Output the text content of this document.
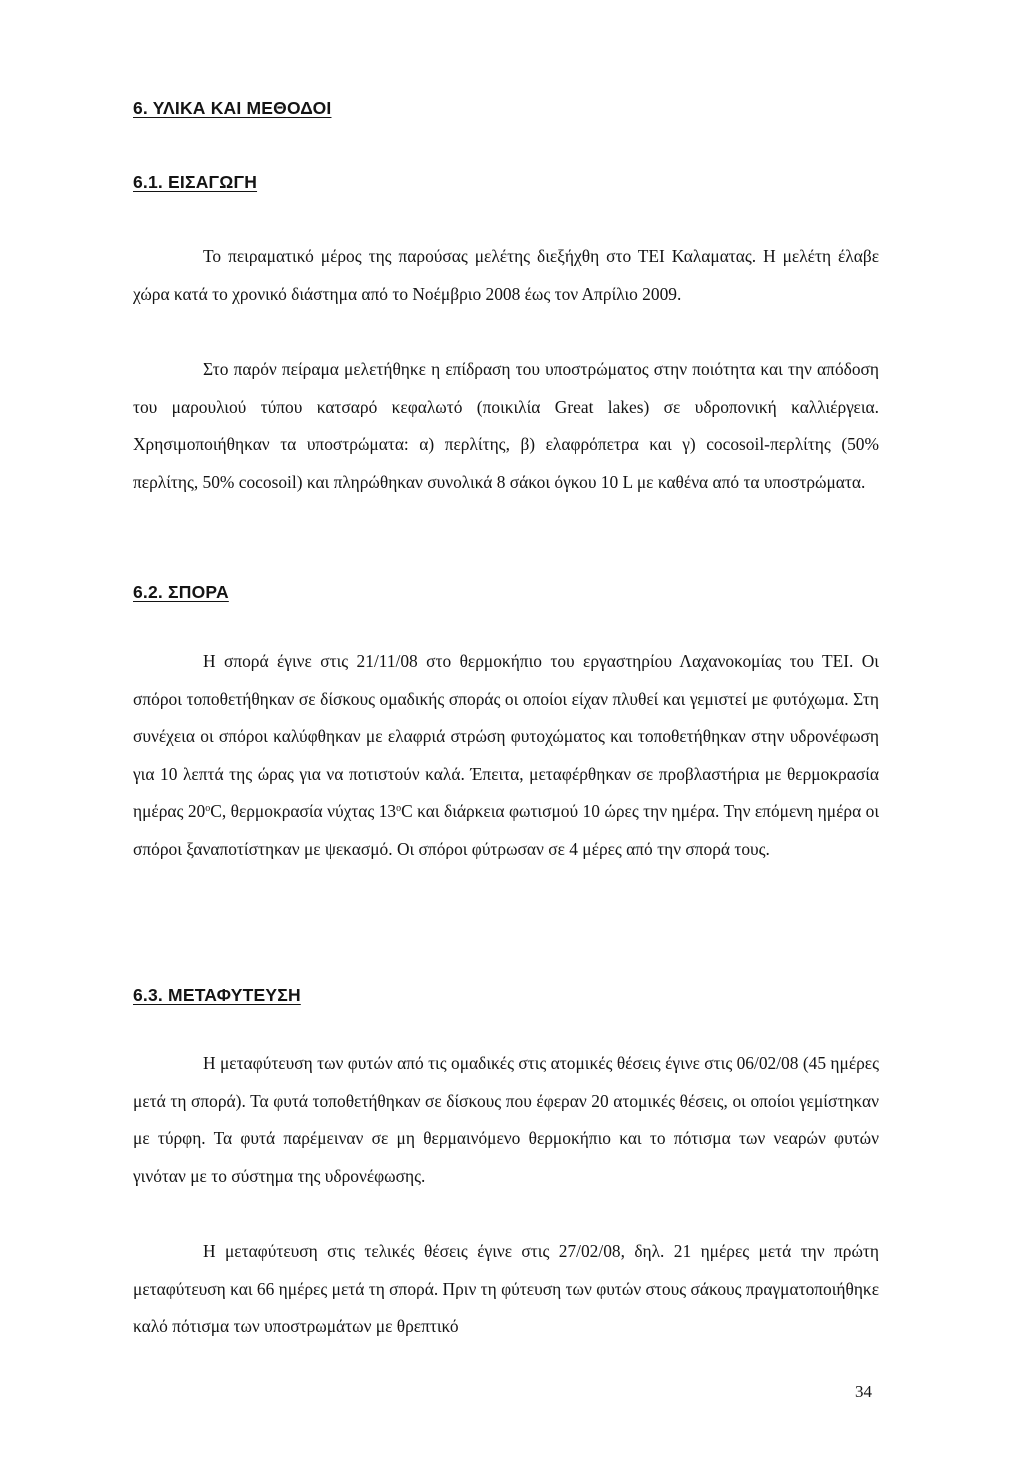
6. ΥΛΙΚΑ ΚΑΙ ΜΕΘΟΔΟΙ
6.1. ΕΙΣΑΓΩΓΗ

Το πειραματικό μέρος της παρούσας μελέτης διεξήχθη στο ΤΕΙ Καλαματας. Η μελέτη έλαβε χώρα κατά το χρονικό διάστημα από το Νοέμβριο 2008 έως τον Απρίλιο 2009.

Στο παρόν πείραμα μελετήθηκε η επίδραση του υποστρώματος στην ποιότητα και την απόδοση του μαρουλιού τύπου κατσαρό κεφαλωτό (ποικιλία Great lakes) σε υδροπονική καλλιέργεια. Χρησιμοποιήθηκαν τα υποστρώματα: α) περλίτης, β) ελαφρόπετρα και γ) cocosoil-περλίτης (50% περλίτης, 50% cocosoil) και πληρώθηκαν συνολικά 8 σάκοι όγκου 10 L με καθένα από τα υποστρώματα.

6.2. ΣΠΟΡΑ

Η σπορά έγινε στις 21/11/08 στο θερμοκήπιο του εργαστηρίου Λαχανοκομίας του ΤΕΙ. Οι σπόροι τοποθετήθηκαν σε δίσκους ομαδικής σποράς οι οποίοι είχαν πλυθεί και γεμιστεί με φυτόχωμα. Στη συνέχεια οι σπόροι καλύφθηκαν με ελαφριά στρώση φυτοχώματος και τοποθετήθηκαν στην υδρονέφωση για 10 λεπτά της ώρας για να ποτιστούν καλά. Έπειτα, μεταφέρθηκαν σε προβλαστήρια με θερμοκρασία ημέρας $20^oC$, θερμοκρασία νύχτας $13^oC$ και διάρκεια φωτισμού 10 ώρες την ημέρα. Την επόμενη ημέρα οι σπόροι ξαναποτίστηκαν με ψεκασμό. Οι σπόροι φύτρωσαν σε 4 μέρες από την σπορά τους.

6.3. ΜΕΤΑΦΥΤΕΥΣΗ

Η μεταφύτευση των φυτών από τις ομαδικές στις ατομικές θέσεις έγινε στις 06/02/08 (45 ημέρες μετά τη σπορά). Τα φυτά τοποθετήθηκαν σε δίσκους που έφεραν 20 ατομικές θέσεις, οι οποίοι γεμίστηκαν με τύρφη. Τα φυτά παρέμειναν σε μη θερμαινόμενο θερμοκήπιο και το πότισμα των νεαρών φυτών γινόταν με το σύστημα της υδρονέφωσης.

Η μεταφύτευση στις τελικές θέσεις έγινε στις 27/02/08, δηλ. 21 ημέρες μετά την πρώτη μεταφύτευση και 66 ημέρες μετά τη σπορά. Πριν τη φύτευση των φυτών στους σάκους πραγματοποιήθηκε καλό πότισμα των υποστρωμάτων με θρεπτικό

34
